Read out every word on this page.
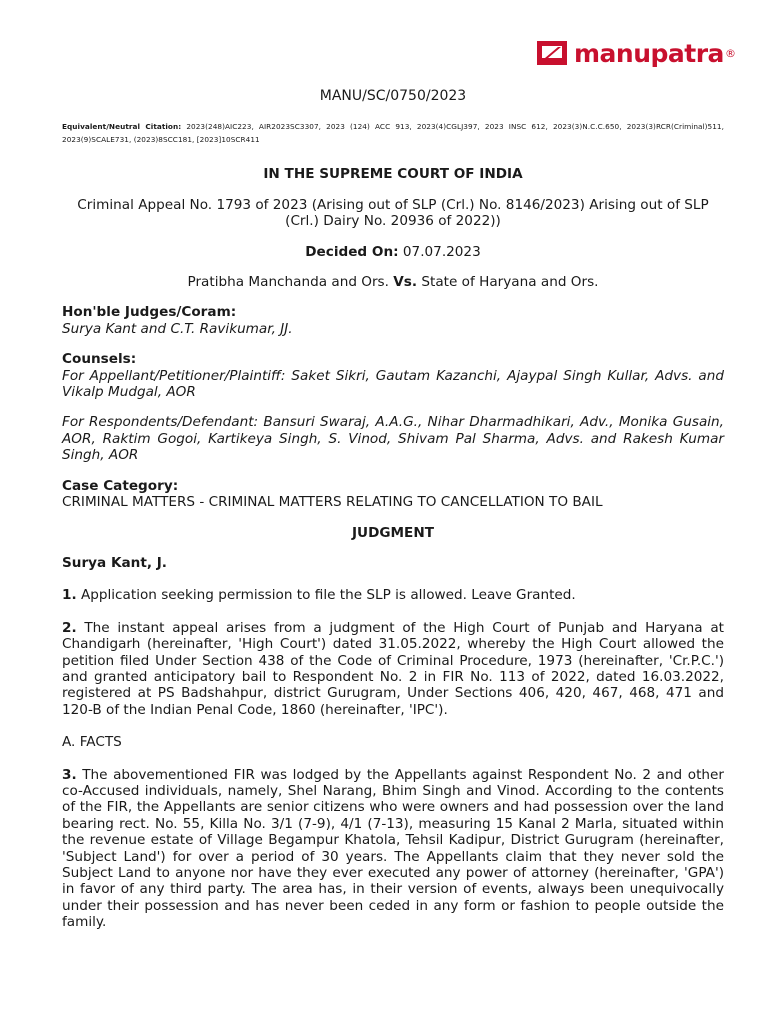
manupatra ®
MANU/SC/0750/2023
Equivalent/Neutral Citation: 2023(248)AIC223, AIR2023SC3307, 2023 (124) ACC 913, 2023(4)CGLJ397, 2023 INSC 612, 2023(3)N.C.C.650, 2023(3)RCR(Criminal)511, 2023(9)SCALE731, (2023)8SCC181, [2023]10SCR411
IN THE SUPREME COURT OF INDIA
Criminal Appeal No. 1793 of 2023 (Arising out of SLP (Crl.) No. 8146/2023) Arising out of SLP (Crl.) Dairy No. 20936 of 2022))
Decided On: 07.07.2023
Pratibha Manchanda and Ors. Vs. State of Haryana and Ors.
Hon'ble Judges/Coram:
Surya Kant and C.T. Ravikumar, JJ.
Counsels:
For Appellant/Petitioner/Plaintiff: Saket Sikri, Gautam Kazanchi, Ajaypal Singh Kullar, Advs. and Vikalp Mudgal, AOR
For Respondents/Defendant: Bansuri Swaraj, A.A.G., Nihar Dharmadhikari, Adv., Monika Gusain, AOR, Raktim Gogoi, Kartikeya Singh, S. Vinod, Shivam Pal Sharma, Advs. and Rakesh Kumar Singh, AOR
Case Category:
CRIMINAL MATTERS - CRIMINAL MATTERS RELATING TO CANCELLATION TO BAIL
JUDGMENT
Surya Kant, J.
1. Application seeking permission to file the SLP is allowed. Leave Granted.
2. The instant appeal arises from a judgment of the High Court of Punjab and Haryana at Chandigarh (hereinafter, 'High Court') dated 31.05.2022, whereby the High Court allowed the petition filed Under Section 438 of the Code of Criminal Procedure, 1973 (hereinafter, 'Cr.P.C.') and granted anticipatory bail to Respondent No. 2 in FIR No. 113 of 2022, dated 16.03.2022, registered at PS Badshahpur, district Gurugram, Under Sections 406, 420, 467, 468, 471 and 120-B of the Indian Penal Code, 1860 (hereinafter, 'IPC').
A. FACTS
3. The abovementioned FIR was lodged by the Appellants against Respondent No. 2 and other co-Accused individuals, namely, Shel Narang, Bhim Singh and Vinod. According to the contents of the FIR, the Appellants are senior citizens who were owners and had possession over the land bearing rect. No. 55, Killa No. 3/1 (7-9), 4/1 (7-13), measuring 15 Kanal 2 Marla, situated within the revenue estate of Village Begampur Khatola, Tehsil Kadipur, District Gurugram (hereinafter, 'Subject Land') for over a period of 30 years. The Appellants claim that they never sold the Subject Land to anyone nor have they ever executed any power of attorney (hereinafter, 'GPA') in favor of any third party. The area has, in their version of events, always been unequivocally under their possession and has never been ceded in any form or fashion to people outside the family.
